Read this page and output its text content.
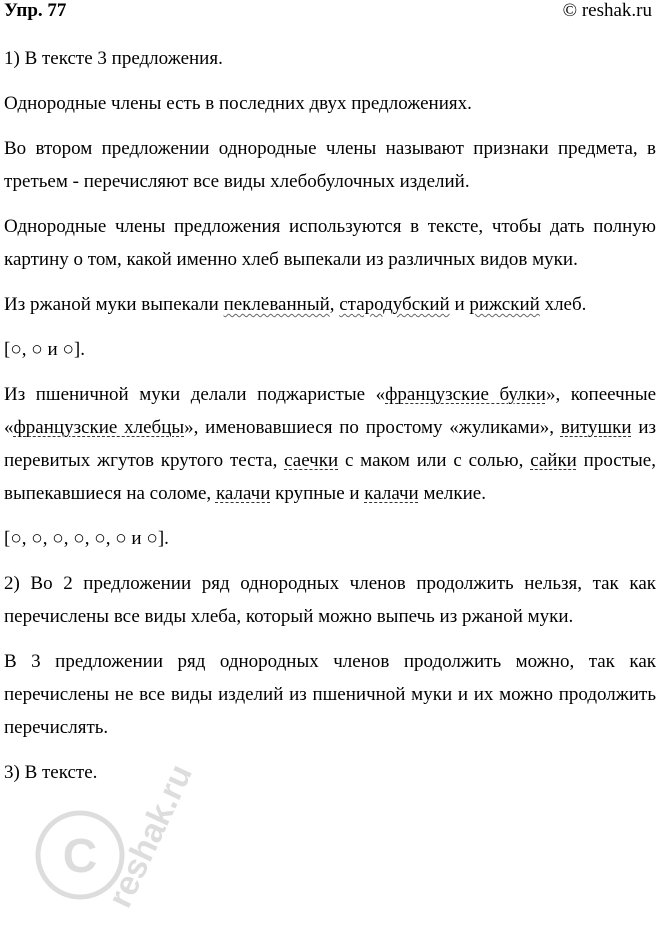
Упр. 77	© reshak.ru

1) В тексте 3 предложения.

Однородные члены есть в последних двух предложениях.

Во втором предложении однородные члены называют признаки предмета, в третьем - перечисляют все виды хлебобулочных изделий.

Однородные члены предложения используются в тексте, чтобы дать полную картину о том, какой именно хлеб выпекали из различных видов муки.

Из ржаной муки выпекали пеклеванный, стародубский и рижский хлеб.

[○, ○ и ○].

Из пшеничной муки делали поджаристые «французские булки», копеечные «французские хлебцы», именовавшиеся по простому «жуликами», витушки из перевитых жгутов крутого теста, саечки с маком или с солью, сайки простые, выпекавшиеся на соломе, калачи крупные и калачи мелкие.

[○, ○, ○, ○, ○, ○ и ○].

2) Во 2 предложении ряд однородных членов продолжить нельзя, так как перечислены все виды хлеба, который можно выпечь из ржаной муки.

В 3 предложении ряд однородных членов продолжить можно, так как перечислены не все виды изделий из пшеничной муки и их можно продолжить перечислять.

3) В тексте.

C reshak.ru
